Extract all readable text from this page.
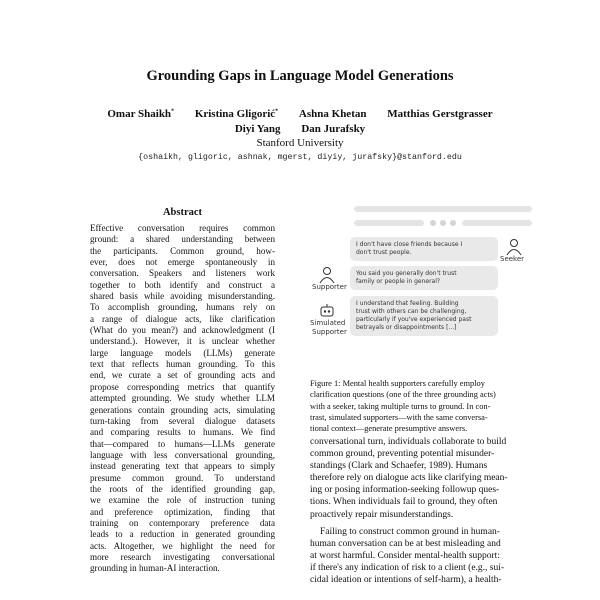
Grounding Gaps in Language Model Generations
Omar Shaikh* Kristina Gligorić* Ashna Khetan Matthias Gerstgrasser
Diyi Yang Dan Jurafsky
Stanford University
{oshaikh, gligoric, ashnak, mgerst, diyiy, jurafsky}@stanford.edu
Abstract
Effective conversation requires common
ground: a shared understanding between
the participants. Common ground, how-
ever, does not emerge spontaneously in
conversation. Speakers and listeners work
together to both identify and construct a
shared basis while avoiding misunderstanding.
To accomplish grounding, humans rely on
a range of dialogue acts, like clarification
(What do you mean?) and acknowledgment (I
understand.). However, it is unclear whether
large language models (LLMs) generate
text that reflects human grounding. To this
end, we curate a set of grounding acts and
propose corresponding metrics that quantify
attempted grounding. We study whether LLM
generations contain grounding acts, simulating
turn-taking from several dialogue datasets
and comparing results to humans. We find
that—compared to humans—LLMs generate
language with less conversational grounding,
instead generating text that appears to simply
presume common ground. To understand
the roots of the identified grounding gap,
we examine the role of instruction tuning
and preference optimization, finding that
training on contemporary preference data
leads to a reduction in generated grounding
acts. Altogether, we highlight the need for
more research investigating conversational
grounding in human-AI interaction.
I don't have close friends because I
don't trust people.
Seeker
Supporter
You said you generally don't trust
family or people in general?
Simulated
Supporter
I understand that feeling. Building
trust with others can be challenging,
particularly if you've experienced past
betrayals or disappointments [...]
Figure 1: Mental health supporters carefully employ
clarification questions (one of the three grounding acts)
with a seeker, taking multiple turns to ground. In con-
trast, simulated supporters—with the same conversa-
tional context—generate presumptive answers.
conversational turn, individuals collaborate to build
common ground, preventing potential misunder-
standings (Clark and Schaefer, 1989). Humans
therefore rely on dialogue acts like clarifying mean-
ing or posing information-seeking followup ques-
tions. When individuals fail to ground, they often
proactively repair misunderstandings.
Failing to construct common ground in human-
human conversation can be at best misleading and
at worst harmful. Consider mental-health support:
if there's any indication of risk to a client (e.g., sui-
cidal ideation or intentions of self-harm), a health-
